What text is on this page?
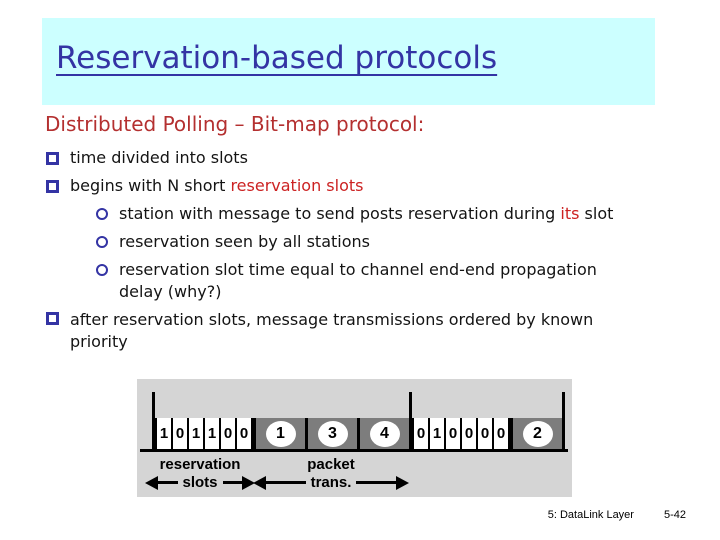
Reservation-based protocols
Distributed Polling – Bit-map protocol:
time divided into slots
begins with N short reservation slots
station with message to send posts reservation during its slot
reservation seen by all stations
reservation slot time equal to channel end-end propagation delay (why?)
after reservation slots, message transmissions ordered by known priority
1 0 1 1 0 0	1	3	4	0 1 0 0 0 0	2
reservation
slots
packet
trans.
5: DataLink Layer	5-42
